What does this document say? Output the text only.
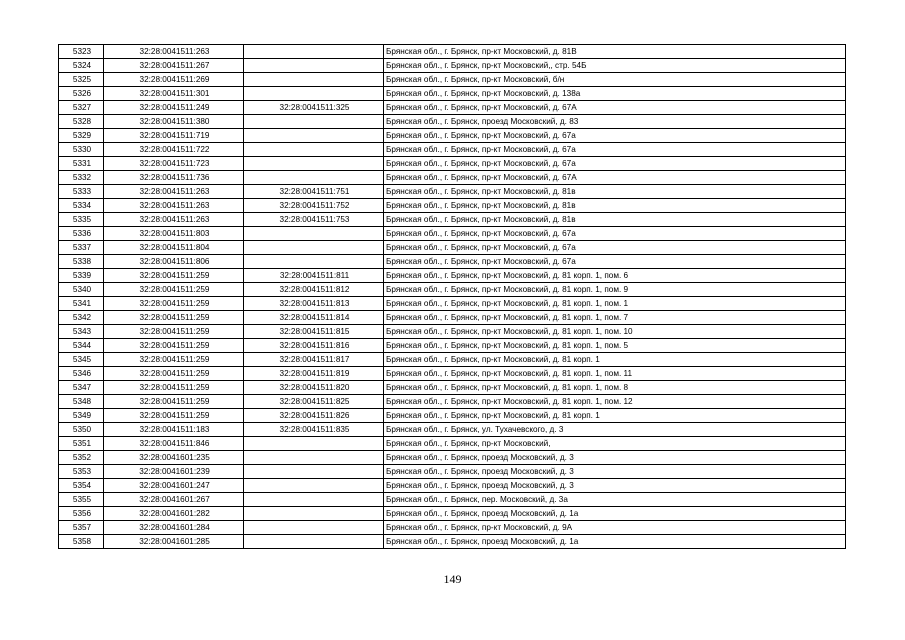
5323	32:28:0041511:263		Брянская обл., г. Брянск, пр-кт Московский, д. 81В
5324	32:28:0041511:267		Брянская обл., г. Брянск, пр-кт Московский,, стр. 54Б
5325	32:28:0041511:269		Брянская обл., г. Брянск, пр-кт Московский, б/н
5326	32:28:0041511:301		Брянская обл., г. Брянск, пр-кт Московский, д. 138а
5327	32:28:0041511:249	32:28:0041511:325	Брянская обл., г. Брянск, пр-кт Московский, д. 67А
5328	32:28:0041511:380		Брянская обл., г. Брянск, проезд Московский, д. 83
5329	32:28:0041511:719		Брянская обл., г. Брянск, пр-кт Московский, д. 67а
5330	32:28:0041511:722		Брянская обл., г. Брянск, пр-кт Московский, д. 67а
5331	32:28:0041511:723		Брянская обл., г. Брянск, пр-кт Московский, д. 67а
5332	32:28:0041511:736		Брянская обл., г. Брянск, пр-кт Московский, д. 67А
5333	32:28:0041511:263	32:28:0041511:751	Брянская обл., г. Брянск, пр-кт Московский, д. 81в
5334	32:28:0041511:263	32:28:0041511:752	Брянская обл., г. Брянск, пр-кт Московский, д. 81в
5335	32:28:0041511:263	32:28:0041511:753	Брянская обл., г. Брянск, пр-кт Московский, д. 81в
5336	32:28:0041511:803		Брянская обл., г. Брянск, пр-кт Московский, д. 67а
5337	32:28:0041511:804		Брянская обл., г. Брянск, пр-кт Московский, д. 67а
5338	32:28:0041511:806		Брянская обл., г. Брянск, пр-кт Московский, д. 67а
5339	32:28:0041511:259	32:28:0041511:811	Брянская обл., г. Брянск, пр-кт Московский, д. 81 корп. 1, пом. 6
5340	32:28:0041511:259	32:28:0041511:812	Брянская обл., г. Брянск, пр-кт Московский, д. 81 корп. 1, пом. 9
5341	32:28:0041511:259	32:28:0041511:813	Брянская обл., г. Брянск, пр-кт Московский, д. 81 корп. 1, пом. 1
5342	32:28:0041511:259	32:28:0041511:814	Брянская обл., г. Брянск, пр-кт Московский, д. 81 корп. 1, пом. 7
5343	32:28:0041511:259	32:28:0041511:815	Брянская обл., г. Брянск, пр-кт Московский, д. 81 корп. 1, пом. 10
5344	32:28:0041511:259	32:28:0041511:816	Брянская обл., г. Брянск, пр-кт Московский, д. 81 корп. 1, пом. 5
5345	32:28:0041511:259	32:28:0041511:817	Брянская обл., г. Брянск, пр-кт Московский, д. 81 корп. 1
5346	32:28:0041511:259	32:28:0041511:819	Брянская обл., г. Брянск, пр-кт Московский, д. 81 корп. 1, пом. 11
5347	32:28:0041511:259	32:28:0041511:820	Брянская обл., г. Брянск, пр-кт Московский, д. 81 корп. 1, пом. 8
5348	32:28:0041511:259	32:28:0041511:825	Брянская обл., г. Брянск, пр-кт Московский, д. 81 корп. 1, пом. 12
5349	32:28:0041511:259	32:28:0041511:826	Брянская обл., г. Брянск, пр-кт Московский, д. 81 корп. 1
5350	32:28:0041511:183	32:28:0041511:835	Брянская обл., г. Брянск, ул. Тухачевского, д. 3
5351	32:28:0041511:846		Брянская обл., г. Брянск, пр-кт Московский,
5352	32:28:0041601:235		Брянская обл., г. Брянск, проезд Московский, д. 3
5353	32:28:0041601:239		Брянская обл., г. Брянск, проезд Московский, д. 3
5354	32:28:0041601:247		Брянская обл., г. Брянск, проезд Московский, д. 3
5355	32:28:0041601:267		Брянская обл., г. Брянск, пер. Московский, д. 3а
5356	32:28:0041601:282		Брянская обл., г. Брянск, проезд Московский, д. 1а
5357	32:28:0041601:284		Брянская обл., г. Брянск, пр-кт Московский, д. 9А
5358	32:28:0041601:285		Брянская обл., г. Брянск, проезд Московский, д. 1а
149
